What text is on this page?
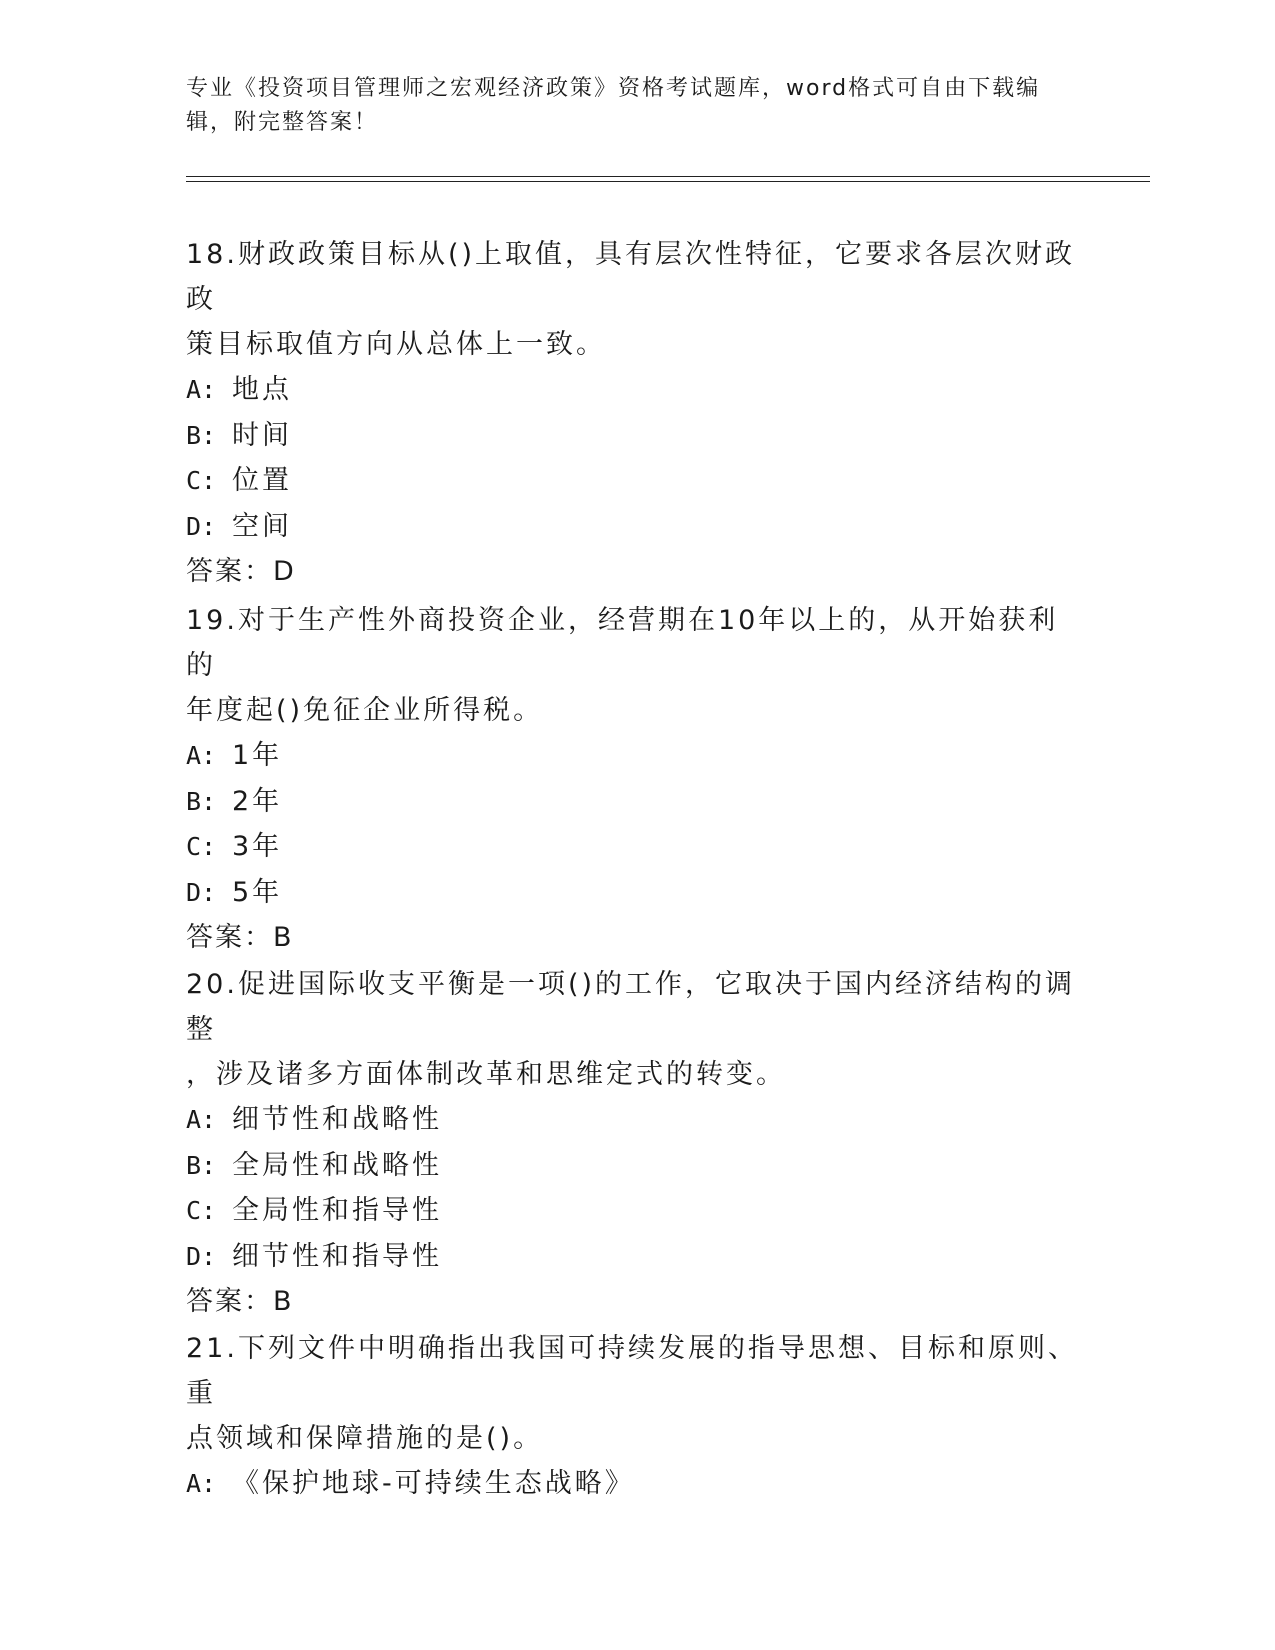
专业《投资项目管理师之宏观经济政策》资格考试题库，word格式可自由下载编
辑，附完整答案！

18.财政政策目标从()上取值，具有层次性特征，它要求各层次财政政
策目标取值方向从总体上一致。

A: 地点

B: 时间

C: 位置

D: 空间

答案：D

19.对于生产性外商投资企业，经营期在10年以上的，从开始获利的
年度起()免征企业所得税。

A: 1年

B: 2年

C: 3年

D: 5年

答案：B

20.促进国际收支平衡是一项()的工作，它取决于国内经济结构的调整
，涉及诸多方面体制改革和思维定式的转变。

A: 细节性和战略性

B: 全局性和战略性

C: 全局性和指导性

D: 细节性和指导性

答案：B

21.下列文件中明确指出我国可持续发展的指导思想、目标和原则、重
点领域和保障措施的是()。

A: 《保护地球-可持续生态战略》
